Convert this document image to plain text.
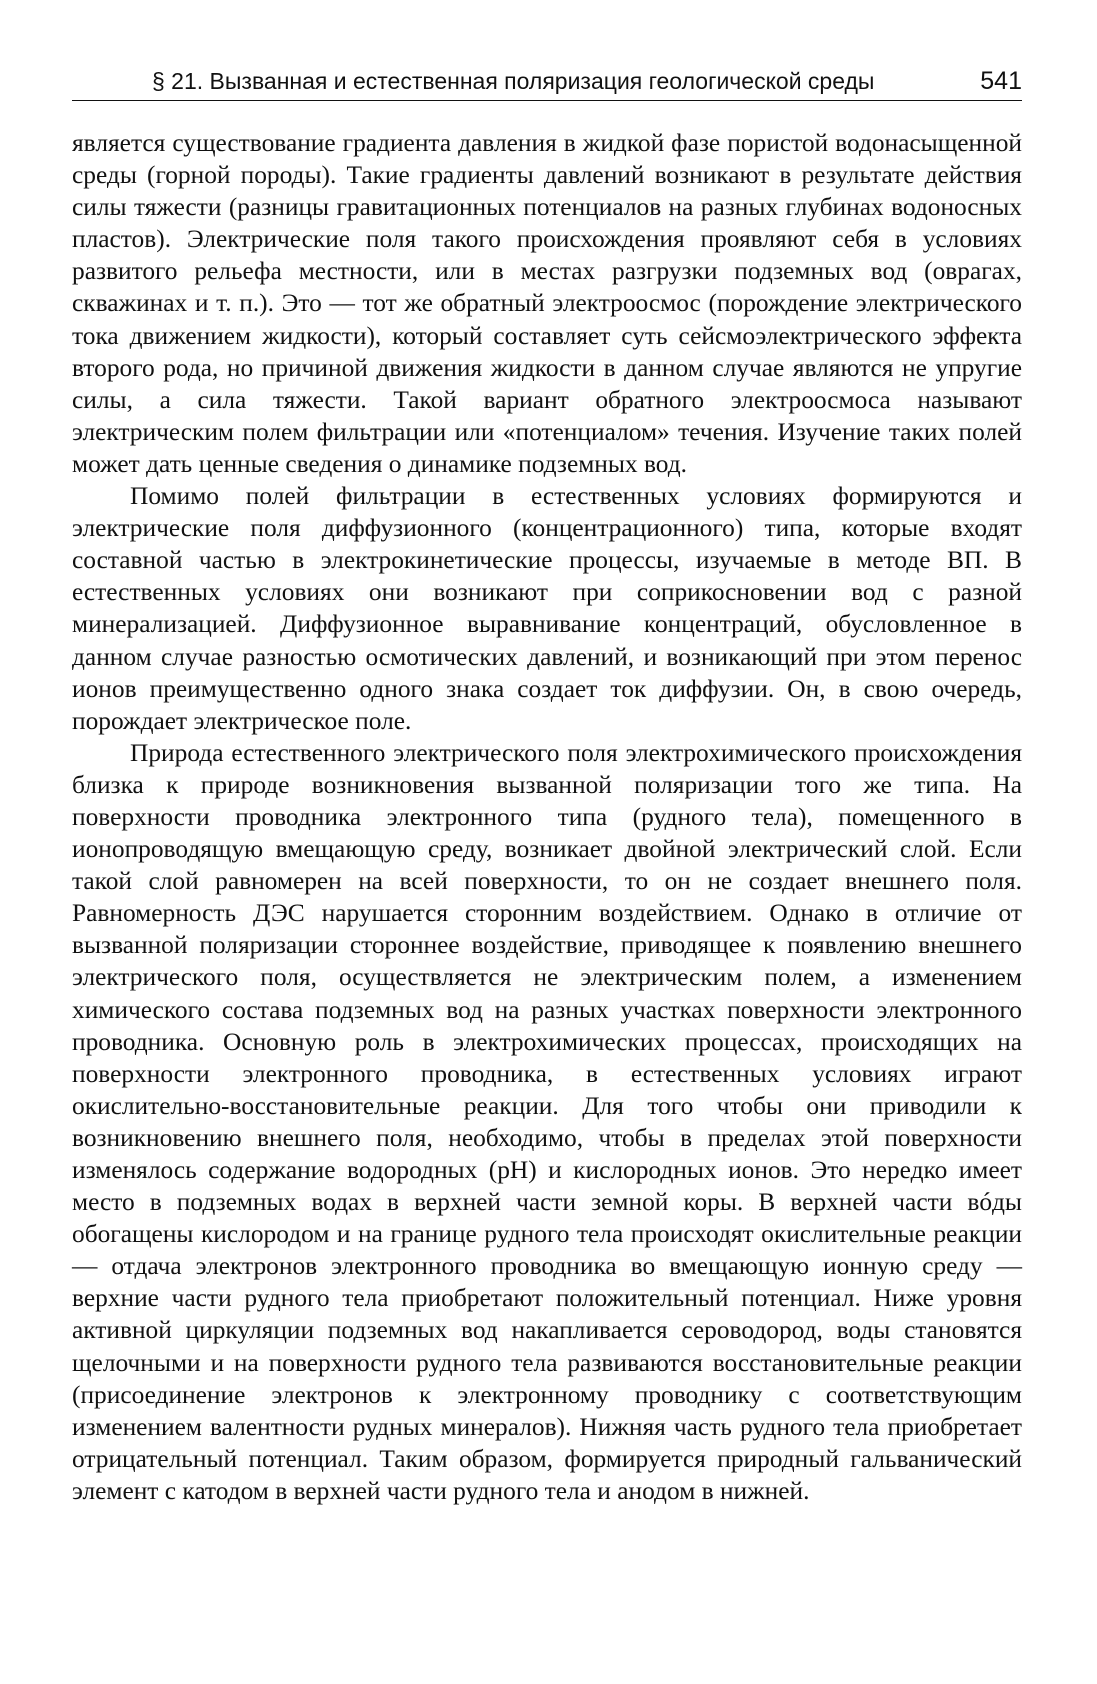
§ 21. Вызванная и естественная поляризация геологической среды	541

является существование градиента давления в жидкой фазе пористой водонасыщенной среды (горной породы). Такие градиенты давлений возникают в результате действия силы тяжести (разницы гравитационных потенциалов на разных глубинах водоносных пластов). Электрические поля такого происхождения проявляют себя в условиях развитого рельефа местности, или в местах разгрузки подземных вод (оврагах, скважинах и т. п.). Это — тот же обратный электроосмос (порождение электрического тока движением жидкости), который составляет суть сейсмоэлектрического эффекта второго рода, но причиной движения жидкости в данном случае являются не упругие силы, а сила тяжести. Такой вариант обратного электроосмоса называют электрическим полем фильтрации или «потенциалом» течения. Изучение таких полей может дать ценные сведения о динамике подземных вод.

Помимо полей фильтрации в естественных условиях формируются и электрические поля диффузионного (концентрационного) типа, которые входят составной частью в электрокинетические процессы, изучаемые в методе ВП. В естественных условиях они возникают при соприкосновении вод с разной минерализацией. Диффузионное выравнивание концентраций, обусловленное в данном случае разностью осмотических давлений, и возникающий при этом перенос ионов преимущественно одного знака создает ток диффузии. Он, в свою очередь, порождает электрическое поле.

Природа естественного электрического поля электрохимического происхождения близка к природе возникновения вызванной поляризации того же типа. На поверхности проводника электронного типа (рудного тела), помещенного в ионопроводящую вмещающую среду, возникает двойной электрический слой. Если такой слой равномерен на всей поверхности, то он не создает внешнего поля. Равномерность ДЭС нарушается сторонним воздействием. Однако в отличие от вызванной поляризации стороннее воздействие, приводящее к появлению внешнего электрического поля, осуществляется не электрическим полем, а изменением химического состава подземных вод на разных участках поверхности электронного проводника. Основную роль в электрохимических процессах, происходящих на поверхности электронного проводника, в естественных условиях играют окислительно-восстановительные реакции. Для того чтобы они приводили к возникновению внешнего поля, необходимо, чтобы в пределах этой поверхности изменялось содержание водородных (pH) и кислородных ионов. Это нередко имеет место в подземных водах в верхней части земной коры. В верхней части вóды обогащены кислородом и на границе рудного тела происходят окислительные реакции — отдача электронов электронного проводника во вмещающую ионную среду — верхние части рудного тела приобретают положительный потенциал. Ниже уровня активной циркуляции подземных вод накапливается сероводород, воды становятся щелочными и на поверхности рудного тела развиваются восстановительные реакции (присоединение электронов к электронному проводнику с соответствующим изменением валентности рудных минералов). Нижняя часть рудного тела приобретает отрицательный потенциал. Таким образом, формируется природный гальванический элемент с катодом в верхней части рудного тела и анодом в нижней.
